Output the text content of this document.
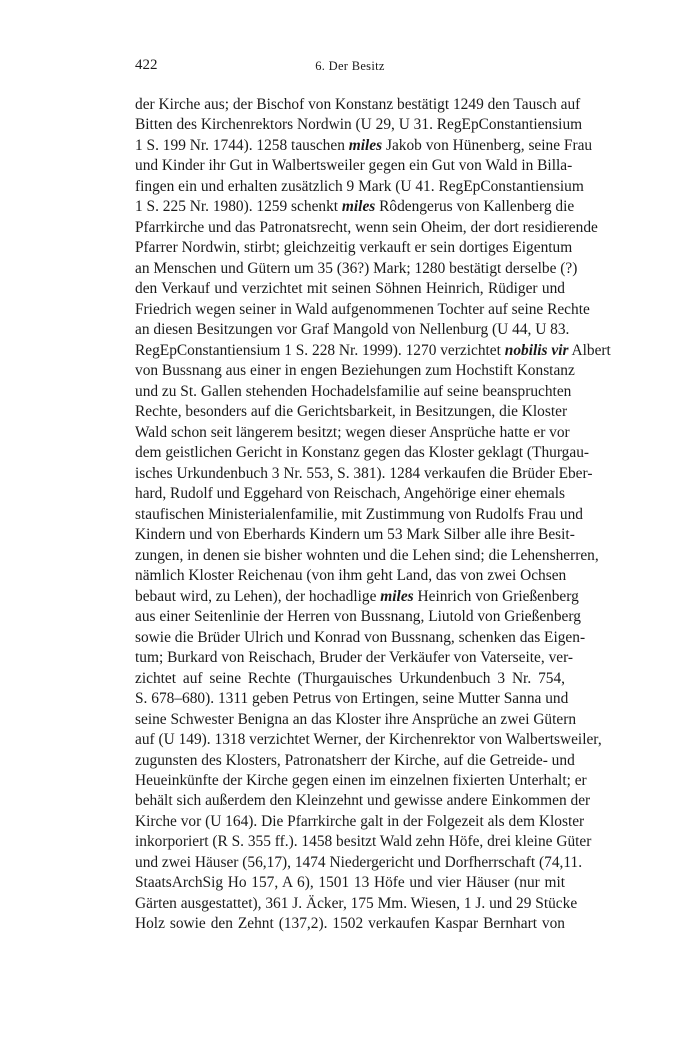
422	6. Der Besitz
der Kirche aus; der Bischof von Konstanz bestätigt 1249 den Tausch auf
Bitten des Kirchenrektors Nordwin (U 29, U 31. RegEpConstantiensium
1 S. 199 Nr. 1744). 1258 tauschen miles Jakob von Hünenberg, seine Frau
und Kinder ihr Gut in Walbertsweiler gegen ein Gut von Wald in Billa-
fingen ein und erhalten zusätzlich 9 Mark (U 41. RegEpConstantiensium
1 S. 225 Nr. 1980). 1259 schenkt miles Rôdengerus von Kallenberg die
Pfarrkirche und das Patronatsrecht, wenn sein Oheim, der dort residierende
Pfarrer Nordwin, stirbt; gleichzeitig verkauft er sein dortiges Eigentum
an Menschen und Gütern um 35 (36?) Mark; 1280 bestätigt derselbe (?)
den Verkauf und verzichtet mit seinen Söhnen Heinrich, Rüdiger und
Friedrich wegen seiner in Wald aufgenommenen Tochter auf seine Rechte
an diesen Besitzungen vor Graf Mangold von Nellenburg (U 44, U 83.
RegEpConstantiensium 1 S. 228 Nr. 1999). 1270 verzichtet nobilis vir Albert
von Bussnang aus einer in engen Beziehungen zum Hochstift Konstanz
und zu St. Gallen stehenden Hochadelsfamilie auf seine beanspruchten
Rechte, besonders auf die Gerichtsbarkeit, in Besitzungen, die Kloster
Wald schon seit längerem besitzt; wegen dieser Ansprüche hatte er vor
dem geistlichen Gericht in Konstanz gegen das Kloster geklagt (Thurgau-
isches Urkundenbuch 3 Nr. 553, S. 381). 1284 verkaufen die Brüder Eber-
hard, Rudolf und Eggehard von Reischach, Angehörige einer ehemals
staufischen Ministerialenfamilie, mit Zustimmung von Rudolfs Frau und
Kindern und von Eberhards Kindern um 53 Mark Silber alle ihre Besit-
zungen, in denen sie bisher wohnten und die Lehen sind; die Lehensherren,
nämlich Kloster Reichenau (von ihm geht Land, das von zwei Ochsen
bebaut wird, zu Lehen), der hochadlige miles Heinrich von Grießenberg
aus einer Seitenlinie der Herren von Bussnang, Liutold von Grießenberg
sowie die Brüder Ulrich und Konrad von Bussnang, schenken das Eigen-
tum; Burkard von Reischach, Bruder der Verkäufer von Vaterseite, ver-
zichtet auf seine Rechte (Thurgauisches Urkundenbuch 3 Nr. 754,
S. 678–680). 1311 geben Petrus von Ertingen, seine Mutter Sanna und
seine Schwester Benigna an das Kloster ihre Ansprüche an zwei Gütern
auf (U 149). 1318 verzichtet Werner, der Kirchenrektor von Walbertsweiler,
zugunsten des Klosters, Patronatsherr der Kirche, auf die Getreide- und
Heueinkünfte der Kirche gegen einen im einzelnen fixierten Unterhalt; er
behält sich außerdem den Kleinzehnt und gewisse andere Einkommen der
Kirche vor (U 164). Die Pfarrkirche galt in der Folgezeit als dem Kloster
inkorporiert (R S. 355 ff.). 1458 besitzt Wald zehn Höfe, drei kleine Güter
und zwei Häuser (56,17), 1474 Niedergericht und Dorfherrschaft (74,11.
StaatsArchSig Ho 157, A 6), 1501 13 Höfe und vier Häuser (nur mit
Gärten ausgestattet), 361 J. Äcker, 175 Mm. Wiesen, 1 J. und 29 Stücke
Holz sowie den Zehnt (137,2). 1502 verkaufen Kaspar Bernhart von
